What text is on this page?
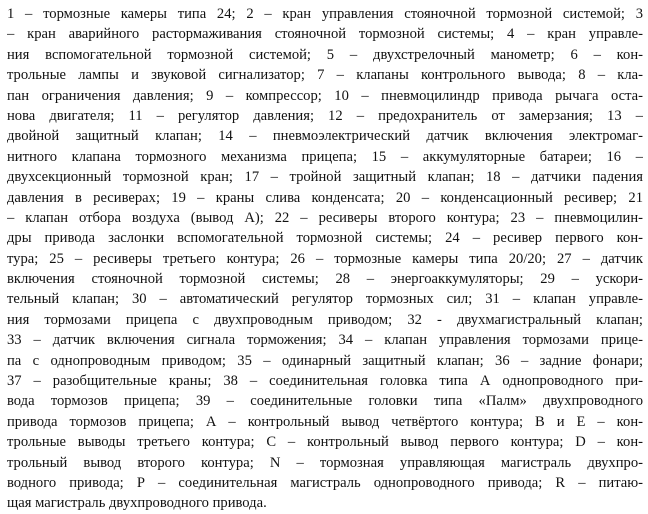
1 – тормозные камеры типа 24; 2 – кран управления стояночной тормозной системой; 3
– кран аварийного растормаживания стояночной тормозной системы; 4 – кран управле-
ния вспомогательной тормозной системой; 5 – двухстрелочный манометр; 6 – кон-
трольные лампы и звуковой сигнализатор; 7 – клапаны контрольного вывода; 8 – кла-
пан ограничения давления; 9 – компрессор; 10 – пневмоцилиндр привода рычага оста-
нова двигателя; 11 – регулятор давления; 12 – предохранитель от замерзания; 13 –
двойной защитный клапан; 14 – пневмоэлектрический датчик включения электромаг-
нитного клапана тормозного механизма прицепа; 15 – аккумуляторные батареи; 16 –
двухсекционный тормозной кран; 17 – тройной защитный клапан; 18 – датчики падения
давления в ресиверах; 19 – краны слива конденсата; 20 – конденсационный ресивер; 21
– клапан отбора воздуха (вывод А); 22 – ресиверы второго контура; 23 – пневмоцилин-
дры привода заслонки вспомогательной тормозной системы; 24 – ресивер первого кон-
тура; 25 – ресиверы третьего контура; 26 – тормозные камеры типа 20/20; 27 – датчик
включения стояночной тормозной системы; 28 – энергоаккумуляторы; 29 – ускори-
тельный клапан; 30 – автоматический регулятор тормозных сил; 31 – клапан управле-
ния тормозами прицепа с двухпроводным приводом; 32 - двухмагистральный клапан;
33 – датчик включения сигнала торможения; 34 – клапан управления тормозами прице-
па с однопроводным приводом; 35 – одинарный защитный клапан; 36 – задние фонари;
37 – разобщительные краны; 38 – соединительная головка типа А однопроводного при-
вода тормозов прицепа; 39 – соединительные головки типа «Палм» двухпроводного
привода тормозов прицепа; А – контрольный вывод четвёртого контура; В и Е – кон-
трольные выводы третьего контура; С – контрольный вывод первого контура; D – кон-
трольный вывод второго контура; N – тормозная управляющая магистраль двухпро-
водного привода; Р – соединительная магистраль однопроводного привода; R – питаю-
щая магистраль двухпроводного привода.
